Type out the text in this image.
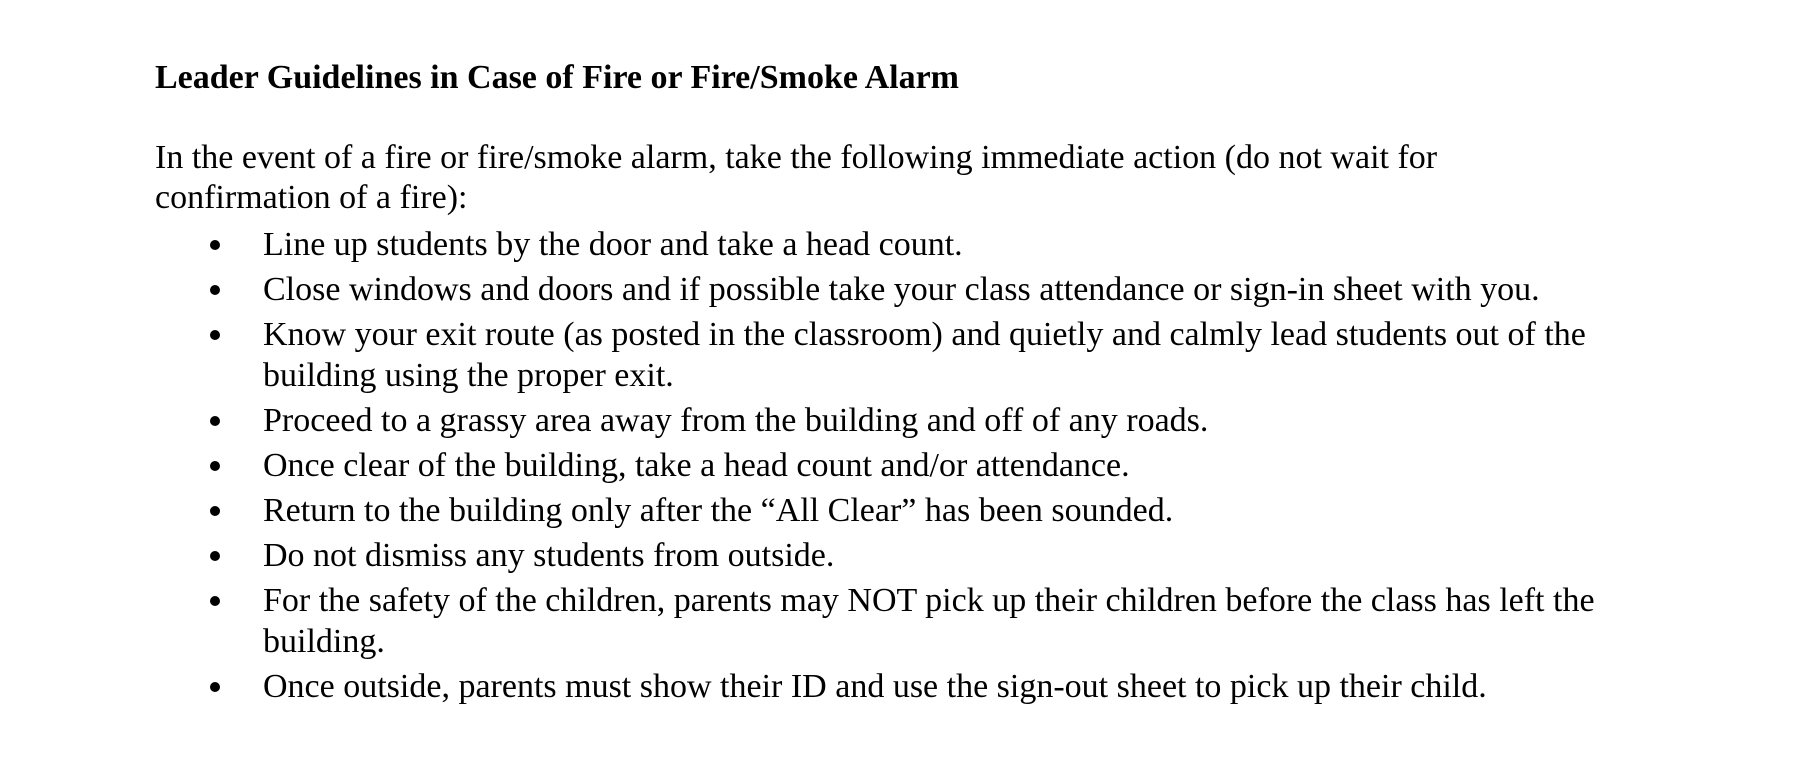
Leader Guidelines in Case of Fire or Fire/Smoke Alarm

In the event of a fire or fire/smoke alarm, take the following immediate action (do not wait for confirmation of a fire):

Line up students by the door and take a head count.
Close windows and doors and if possible take your class attendance or sign-in sheet with you.
Know your exit route (as posted in the classroom) and quietly and calmly lead students out of the building using the proper exit.
Proceed to a grassy area away from the building and off of any roads.
Once clear of the building, take a head count and/or attendance.
Return to the building only after the “All Clear” has been sounded.
Do not dismiss any students from outside.
For the safety of the children, parents may NOT pick up their children before the class has left the building.
Once outside, parents must show their ID and use the sign-out sheet to pick up their child.
